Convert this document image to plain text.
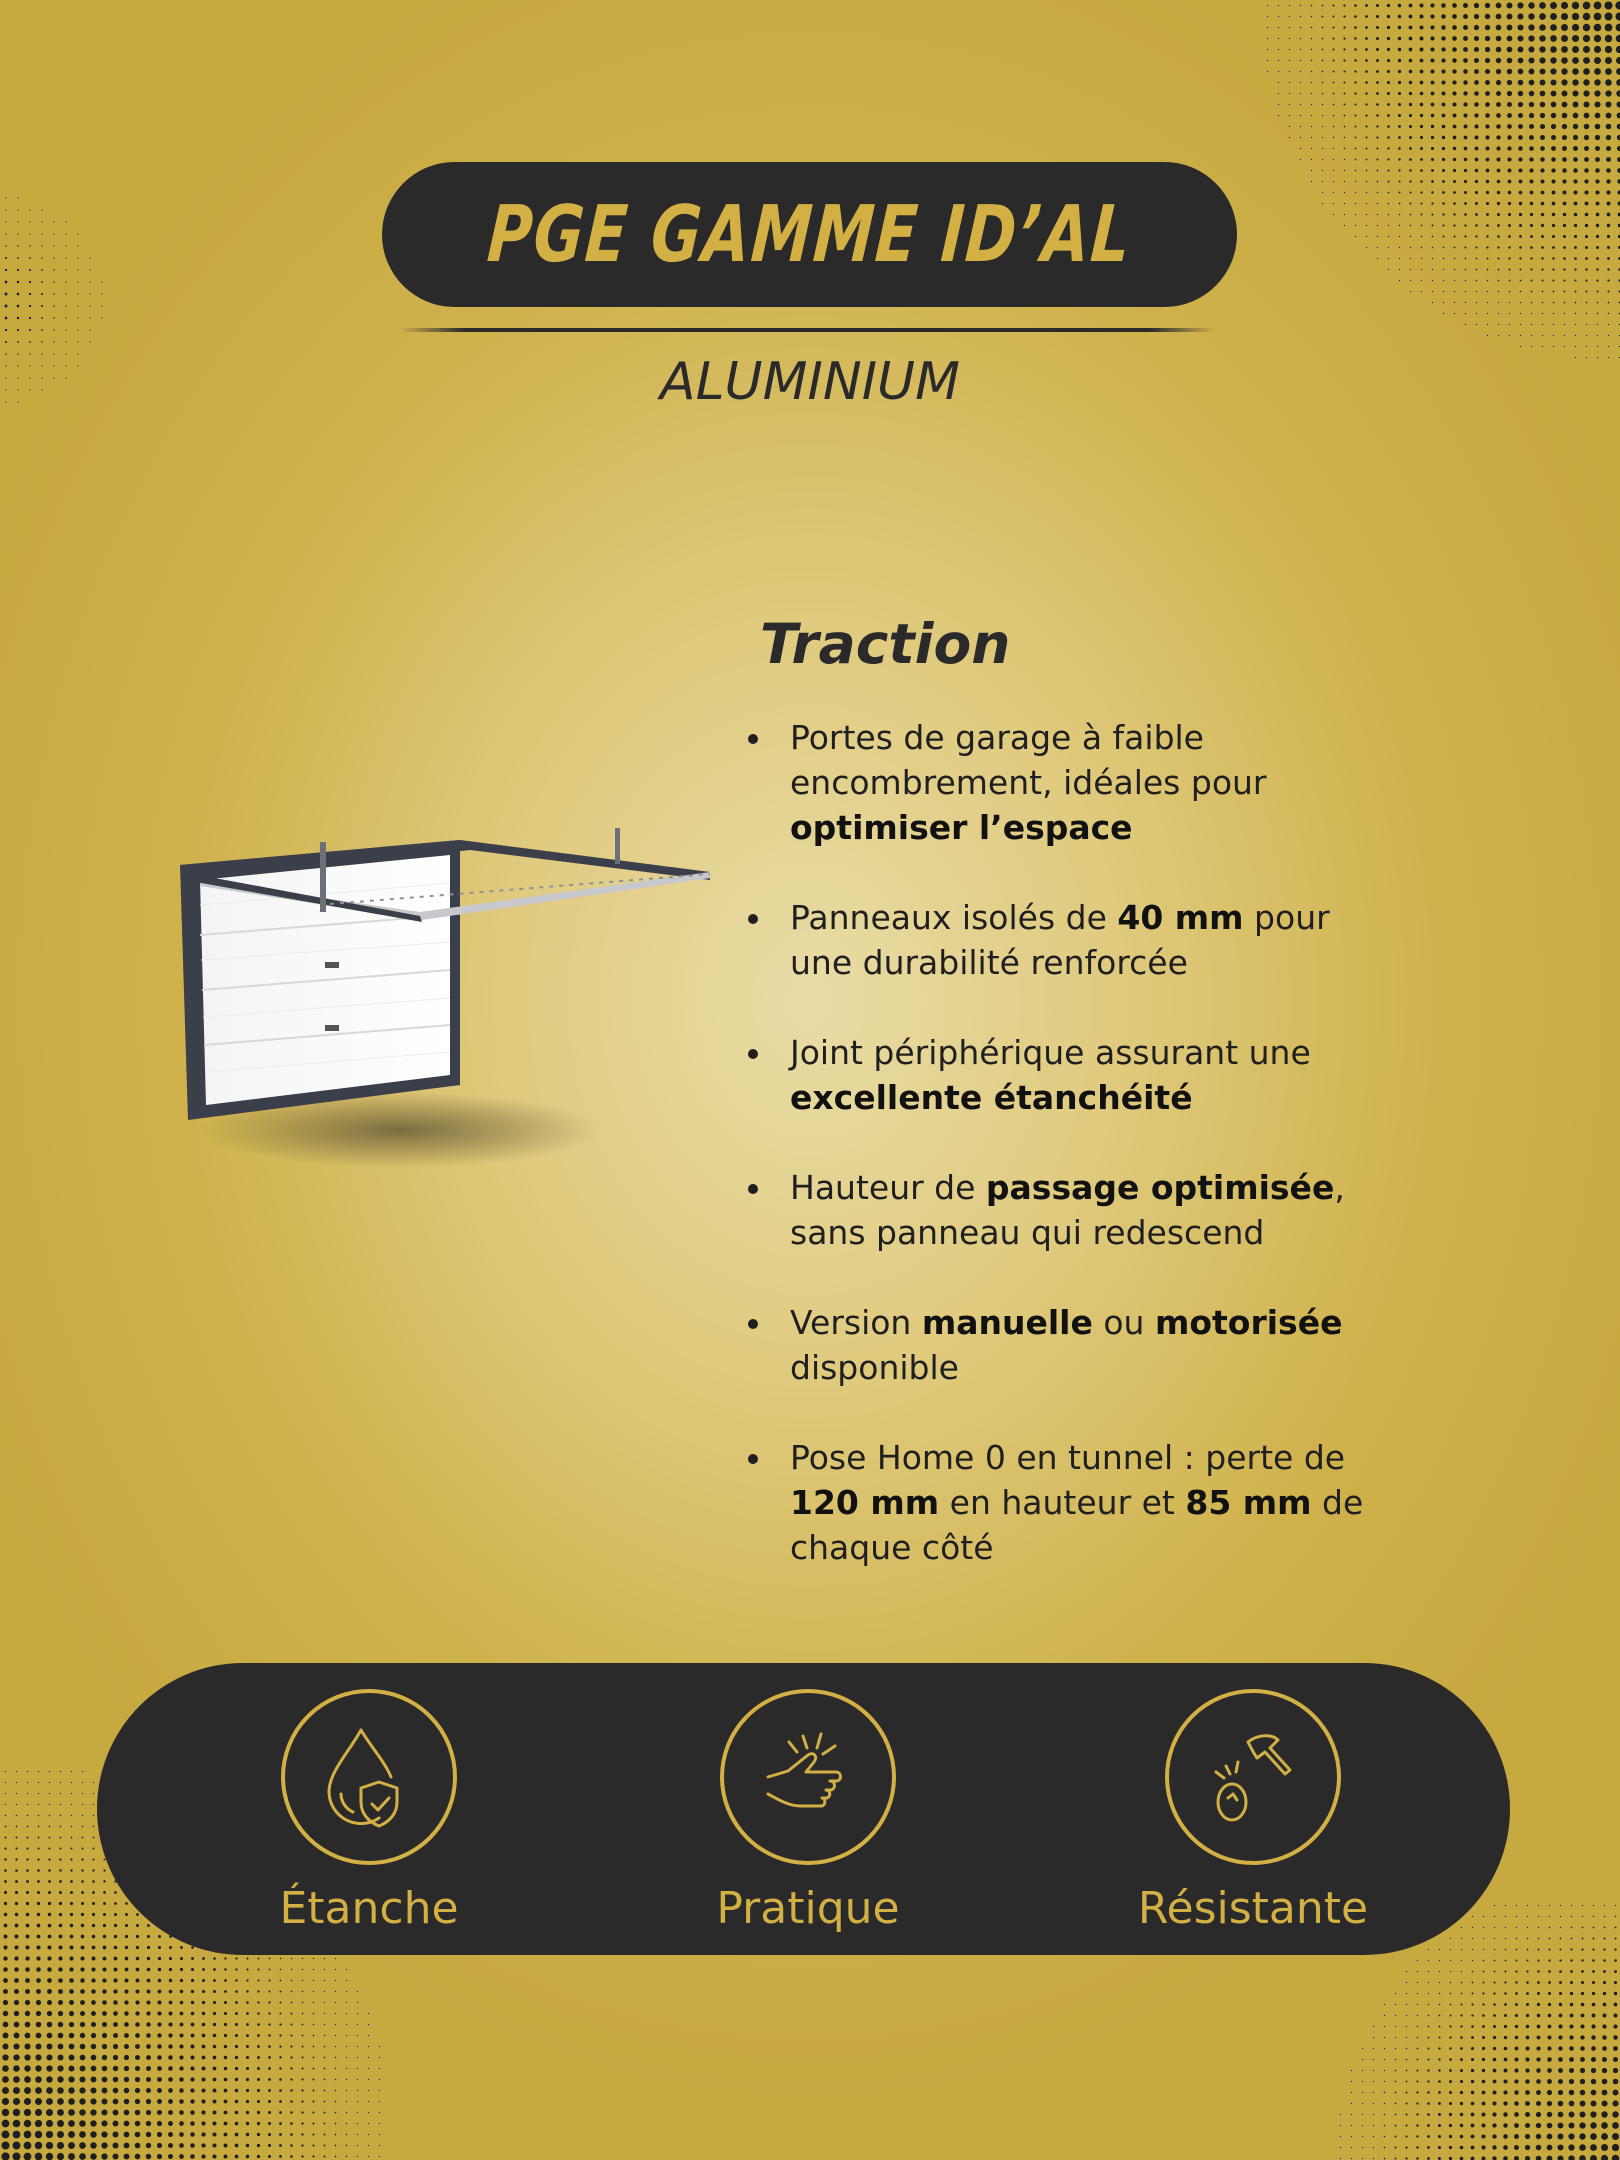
PGE GAMME ID’AL
ALUMINIUM
Traction
Portes de garage à faible encombrement, idéales pour optimiser l’espace
Panneaux isolés de 40 mm pour une durabilité renforcée
Joint périphérique assurant une excellente étanchéité
Hauteur de passage optimisée, sans panneau qui redescend
Version manuelle ou motorisée disponible
Pose Home 0 en tunnel : perte de 120 mm en hauteur et 85 mm de chaque côté
Étanche	Pratique	Résistante
